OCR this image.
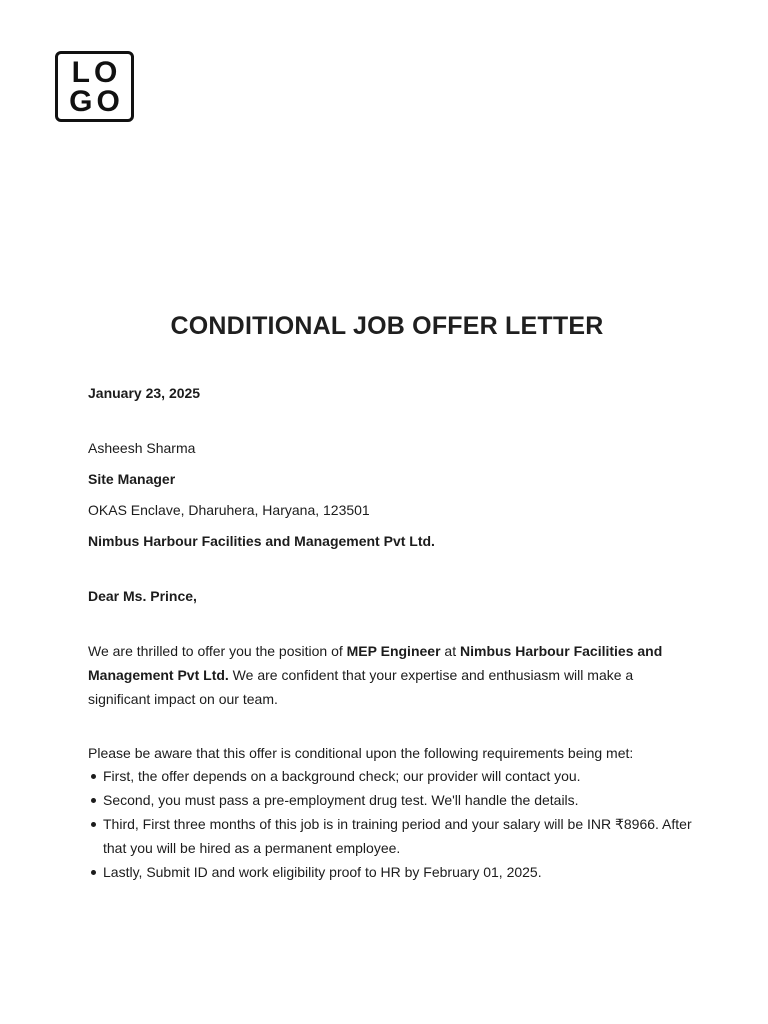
LO
GO
CONDITIONAL JOB OFFER LETTER
January 23, 2025
Asheesh Sharma
Site Manager
OKAS Enclave, Dharuhera, Haryana, 123501
Nimbus Harbour Facilities and Management Pvt Ltd.
Dear Ms. Prince,

We are thrilled to offer you the position of MEP Engineer at Nimbus Harbour Facilities and Management Pvt Ltd. We are confident that your expertise and enthusiasm will make a significant impact on our team.

Please be aware that this offer is conditional upon the following requirements being met:
First, the offer depends on a background check; our provider will contact you.
Second, you must pass a pre-employment drug test. We'll handle the details.
Third, First three months of this job is in training period and your salary will be INR ₹8966. After that you will be hired as a permanent employee.
Lastly, Submit ID and work eligibility proof to HR by February 01, 2025.
